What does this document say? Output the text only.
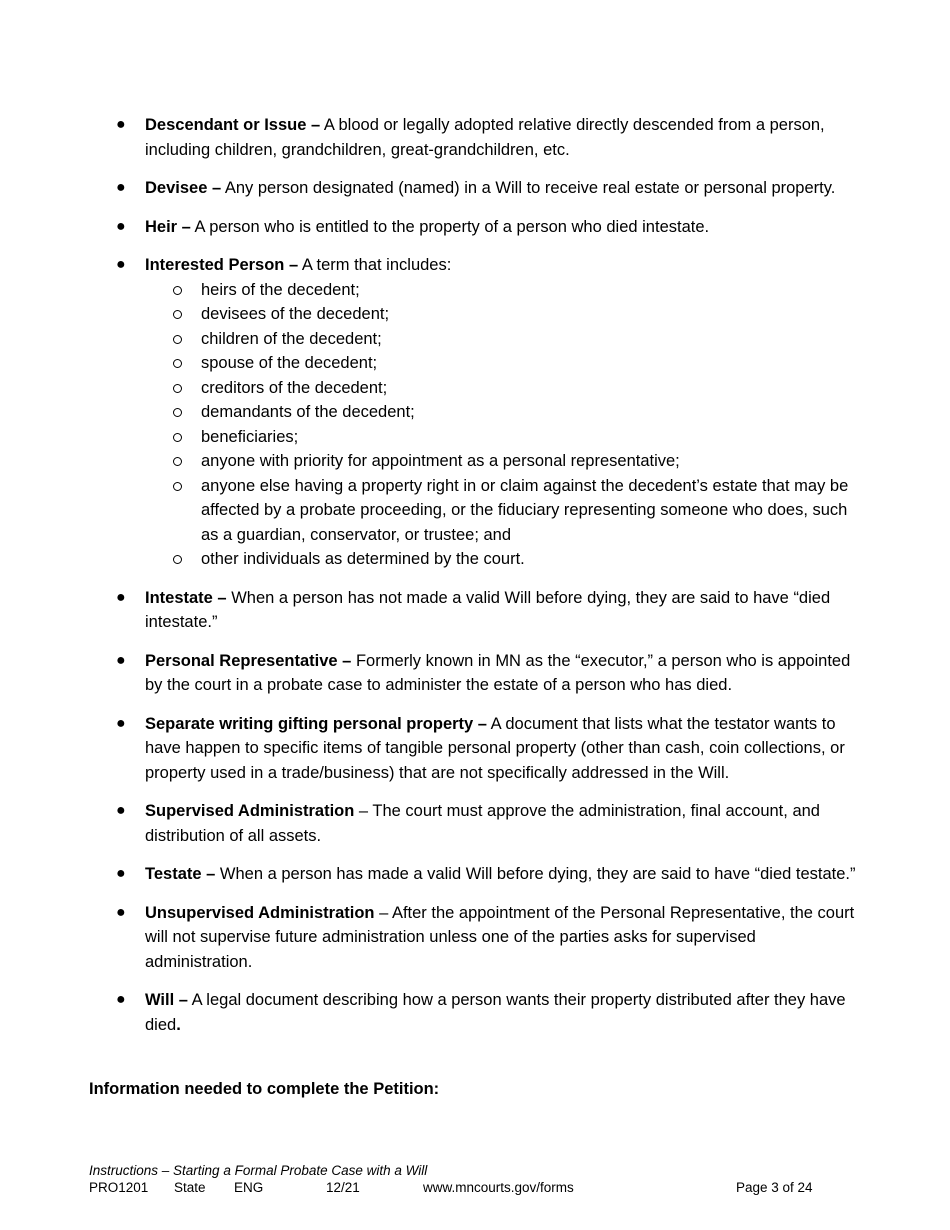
● Descendant or Issue – A blood or legally adopted relative directly descended from a person, including children, grandchildren, great-grandchildren, etc.
● Devisee – Any person designated (named) in a Will to receive real estate or personal property.
● Heir – A person who is entitled to the property of a person who died intestate.
● Interested Person – A term that includes:
heirs of the decedent;
devisees of the decedent;
children of the decedent;
spouse of the decedent;
creditors of the decedent;
demandants of the decedent;
beneficiaries;
anyone with priority for appointment as a personal representative;
anyone else having a property right in or claim against the decedent’s estate that may be affected by a probate proceeding, or the fiduciary representing someone who does, such as a guardian, conservator, or trustee; and
other individuals as determined by the court.
● Intestate – When a person has not made a valid Will before dying, they are said to have “died intestate.”
● Personal Representative – Formerly known in MN as the “executor,” a person who is appointed by the court in a probate case to administer the estate of a person who has died.
● Separate writing gifting personal property – A document that lists what the testator wants to have happen to specific items of tangible personal property (other than cash, coin collections, or property used in a trade/business) that are not specifically addressed in the Will.
● Supervised Administration – The court must approve the administration, final account, and distribution of all assets.
● Testate – When a person has made a valid Will before dying, they are said to have “died testate.”
● Unsupervised Administration – After the appointment of the Personal Representative, the court will not supervise future administration unless one of the parties asks for supervised administration.
● Will – A legal document describing how a person wants their property distributed after they have died.
Information needed to complete the Petition:
Instructions – Starting a Formal Probate Case with a Will
PRO1201 State ENG	12/21	www.mncourts.gov/forms	Page 3 of 24
